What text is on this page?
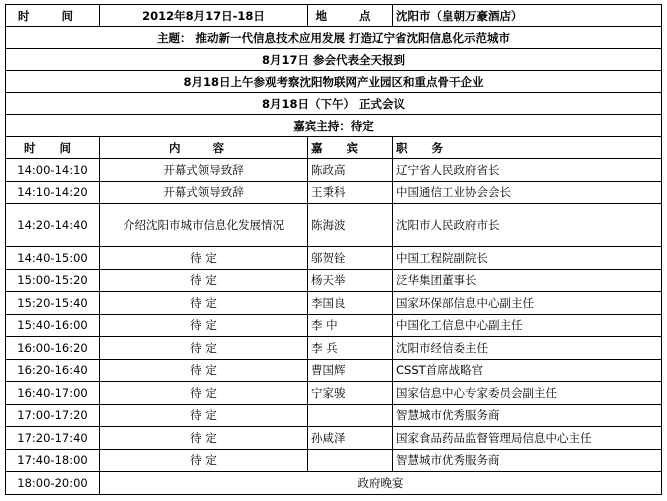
时 间	2012年8月17日-18日	地 点	沈阳市（皇朝万豪酒店）
主题： 推动新一代信息技术应用发展 打造辽宁省沈阳信息化示范城市			
8月17日 参会代表全天报到			
8月18日上午参观考察沈阳物联网产业园区和重点骨干企业			
8月18日（下午） 正式会议			
嘉宾主持：待定			
时 间	内 容	嘉 宾	职 务
14:00-14:10	开幕式领导致辞	陈政高	辽宁省人民政府省长
14:10-14:20	开幕式领导致辞	王秉科	中国通信工业协会会长
14:20-14:40	介绍沈阳市城市信息化发展情况	陈海波	沈阳市人民政府市长
14:40-15:00	待 定	邬贺铨	中国工程院副院长
15:00-15:20	待 定	杨天举	泛华集团董事长
15:20-15:40	待 定	李国良	国家环保部信息中心副主任
15:40-16:00	待 定	李 中	中国化工信息中心副主任
16:00-16:20	待 定	李 兵	沈阳市经信委主任
16:20-16:40	待 定	曹国辉	CSST首席战略官
16:40-17:00	待 定	宁家骏	国家信息中心专家委员会副主任
17:00-17:20	待 定		智慧城市优秀服务商
17:20-17:40	待 定	孙咸泽	国家食品药品监督管理局信息中心主任
17:40-18:00	待 定		智慧城市优秀服务商
18:00-20:00	政府晚宴		
